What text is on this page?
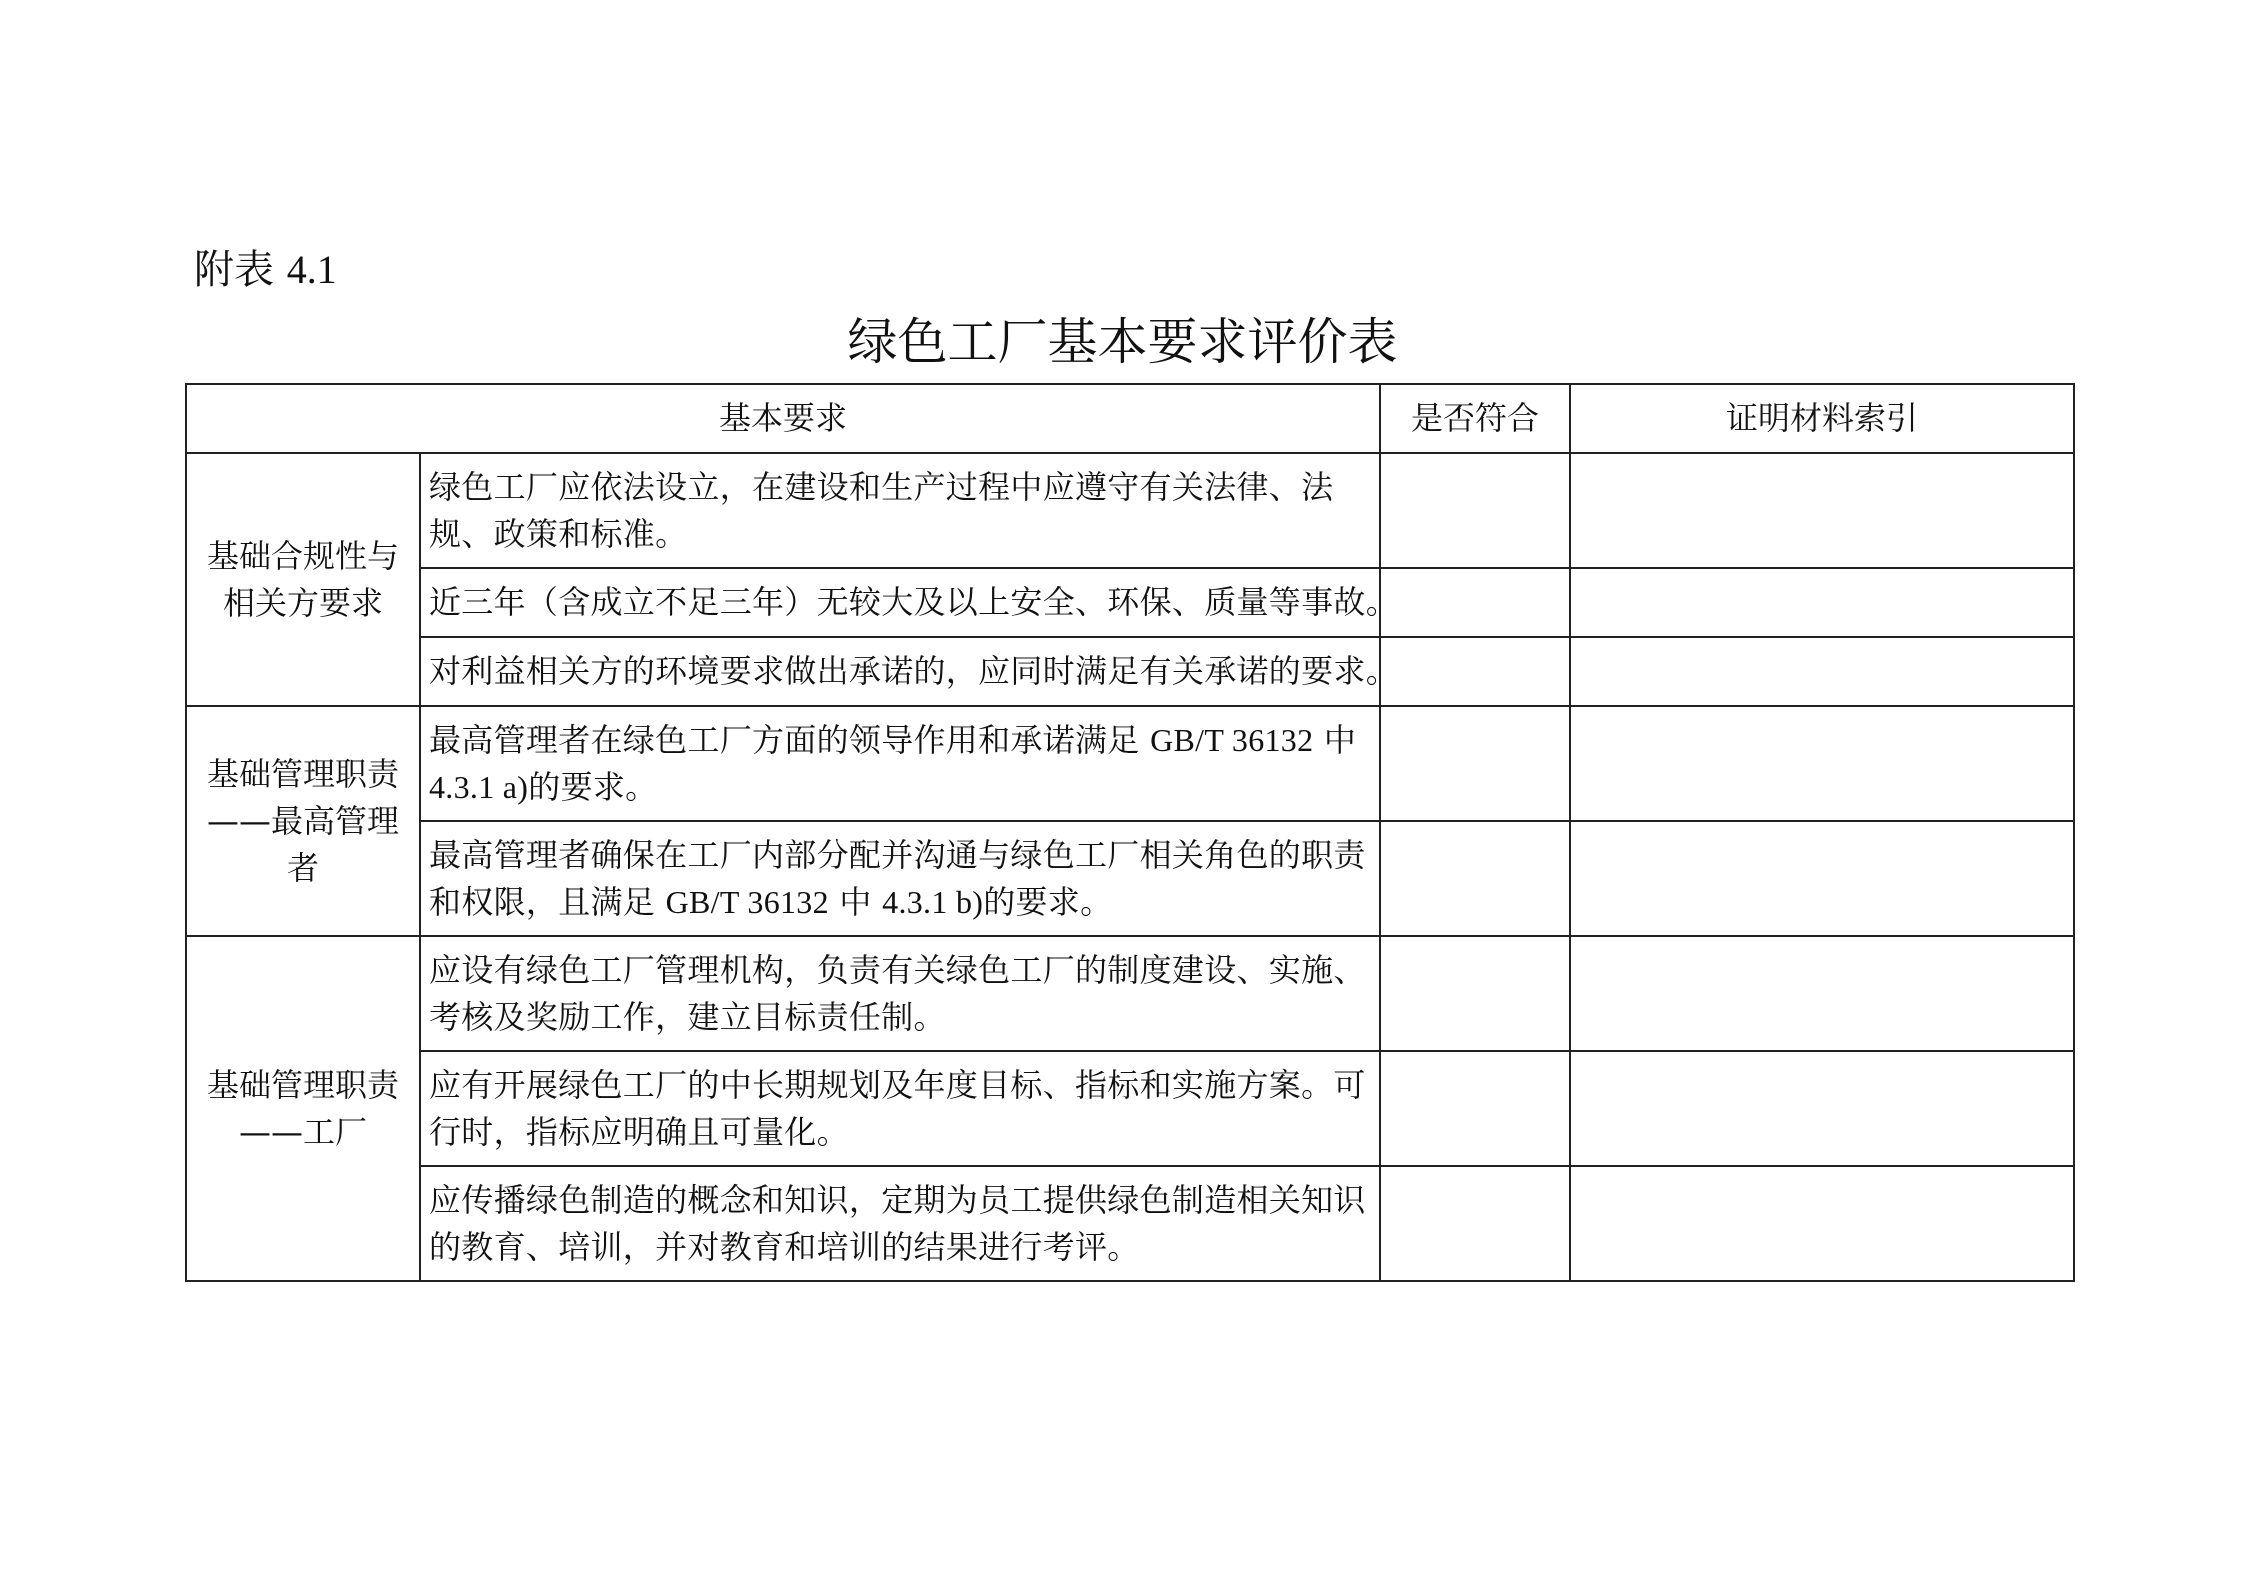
附表 4.1
绿色工厂基本要求评价表
基本要求		是否符合	证明材料索引
基础合规性与相关方要求	绿色工厂应依法设立，在建设和生产过程中应遵守有关法律、法规、政策和标准。		
	近三年（含成立不足三年）无较大及以上安全、环保、质量等事故。		
	对利益相关方的环境要求做出承诺的，应同时满足有关承诺的要求。		
基础管理职责——最高管理者	最高管理者在绿色工厂方面的领导作用和承诺满足 GB/T 36132 中 4.3.1 a)的要求。		
	最高管理者确保在工厂内部分配并沟通与绿色工厂相关角色的职责和权限，且满足 GB/T 36132 中 4.3.1 b)的要求。		
基础管理职责——工厂	应设有绿色工厂管理机构，负责有关绿色工厂的制度建设、实施、考核及奖励工作，建立目标责任制。		
	应有开展绿色工厂的中长期规划及年度目标、指标和实施方案。可行时，指标应明确且可量化。		
	应传播绿色制造的概念和知识，定期为员工提供绿色制造相关知识的教育、培训，并对教育和培训的结果进行考评。		
